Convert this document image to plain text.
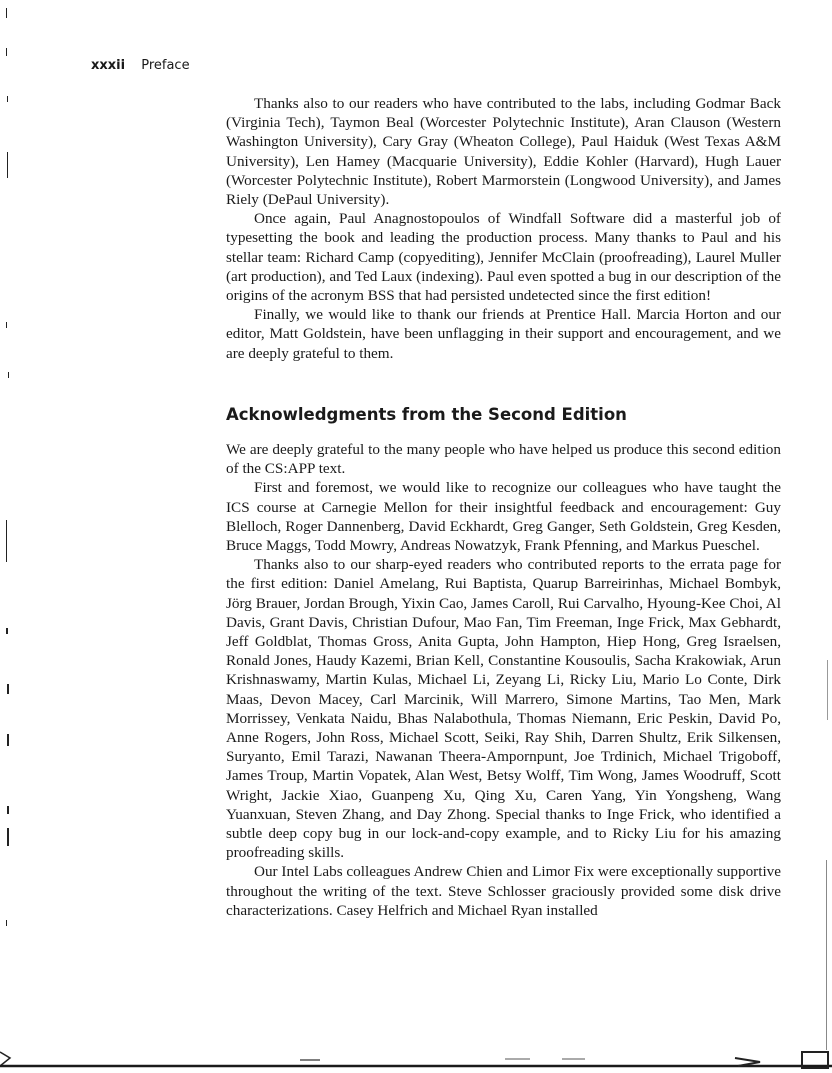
xxxii Preface

Thanks also to our readers who have contributed to the labs, including Godmar Back (Virginia Tech), Taymon Beal (Worcester Polytechnic Institute), Aran Clauson (Western Washington University), Cary Gray (Wheaton College), Paul Haiduk (West Texas A&M University), Len Hamey (Macquarie University), Eddie Kohler (Harvard), Hugh Lauer (Worcester Polytechnic Institute), Robert Marmorstein (Longwood University), and James Riely (DePaul University).

Once again, Paul Anagnostopoulos of Windfall Software did a masterful job of typesetting the book and leading the production process. Many thanks to Paul and his stellar team: Richard Camp (copyediting), Jennifer McClain (proofreading), Laurel Muller (art production), and Ted Laux (indexing). Paul even spotted a bug in our description of the origins of the acronym BSS that had persisted undetected since the first edition!

Finally, we would like to thank our friends at Prentice Hall. Marcia Horton and our editor, Matt Goldstein, have been unflagging in their support and encouragement, and we are deeply grateful to them.

Acknowledgments from the Second Edition

We are deeply grateful to the many people who have helped us produce this second edition of the CS:APP text.

First and foremost, we would like to recognize our colleagues who have taught the ICS course at Carnegie Mellon for their insightful feedback and encouragement: Guy Blelloch, Roger Dannenberg, David Eckhardt, Greg Ganger, Seth Goldstein, Greg Kesden, Bruce Maggs, Todd Mowry, Andreas Nowatzyk, Frank Pfenning, and Markus Pueschel.

Thanks also to our sharp-eyed readers who contributed reports to the errata page for the first edition: Daniel Amelang, Rui Baptista, Quarup Barreirinhas, Michael Bombyk, Jörg Brauer, Jordan Brough, Yixin Cao, James Caroll, Rui Carvalho, Hyoung-Kee Choi, Al Davis, Grant Davis, Christian Dufour, Mao Fan, Tim Freeman, Inge Frick, Max Gebhardt, Jeff Goldblat, Thomas Gross, Anita Gupta, John Hampton, Hiep Hong, Greg Israelsen, Ronald Jones, Haudy Kazemi, Brian Kell, Constantine Kousoulis, Sacha Krakowiak, Arun Krishnaswamy, Martin Kulas, Michael Li, Zeyang Li, Ricky Liu, Mario Lo Conte, Dirk Maas, Devon Macey, Carl Marcinik, Will Marrero, Simone Martins, Tao Men, Mark Morrissey, Venkata Naidu, Bhas Nalabothula, Thomas Niemann, Eric Peskin, David Po, Anne Rogers, John Ross, Michael Scott, Seiki, Ray Shih, Darren Shultz, Erik Silkensen, Suryanto, Emil Tarazi, Nawanan Theera-Ampornpunt, Joe Trdinich, Michael Trigoboff, James Troup, Martin Vopatek, Alan West, Betsy Wolff, Tim Wong, James Woodruff, Scott Wright, Jackie Xiao, Guanpeng Xu, Qing Xu, Caren Yang, Yin Yongsheng, Wang Yuanxuan, Steven Zhang, and Day Zhong. Special thanks to Inge Frick, who identified a subtle deep copy bug in our lock-and-copy example, and to Ricky Liu for his amazing proofreading skills.

Our Intel Labs colleagues Andrew Chien and Limor Fix were exceptionally supportive throughout the writing of the text. Steve Schlosser graciously provided some disk drive characterizations. Casey Helfrich and Michael Ryan installed
